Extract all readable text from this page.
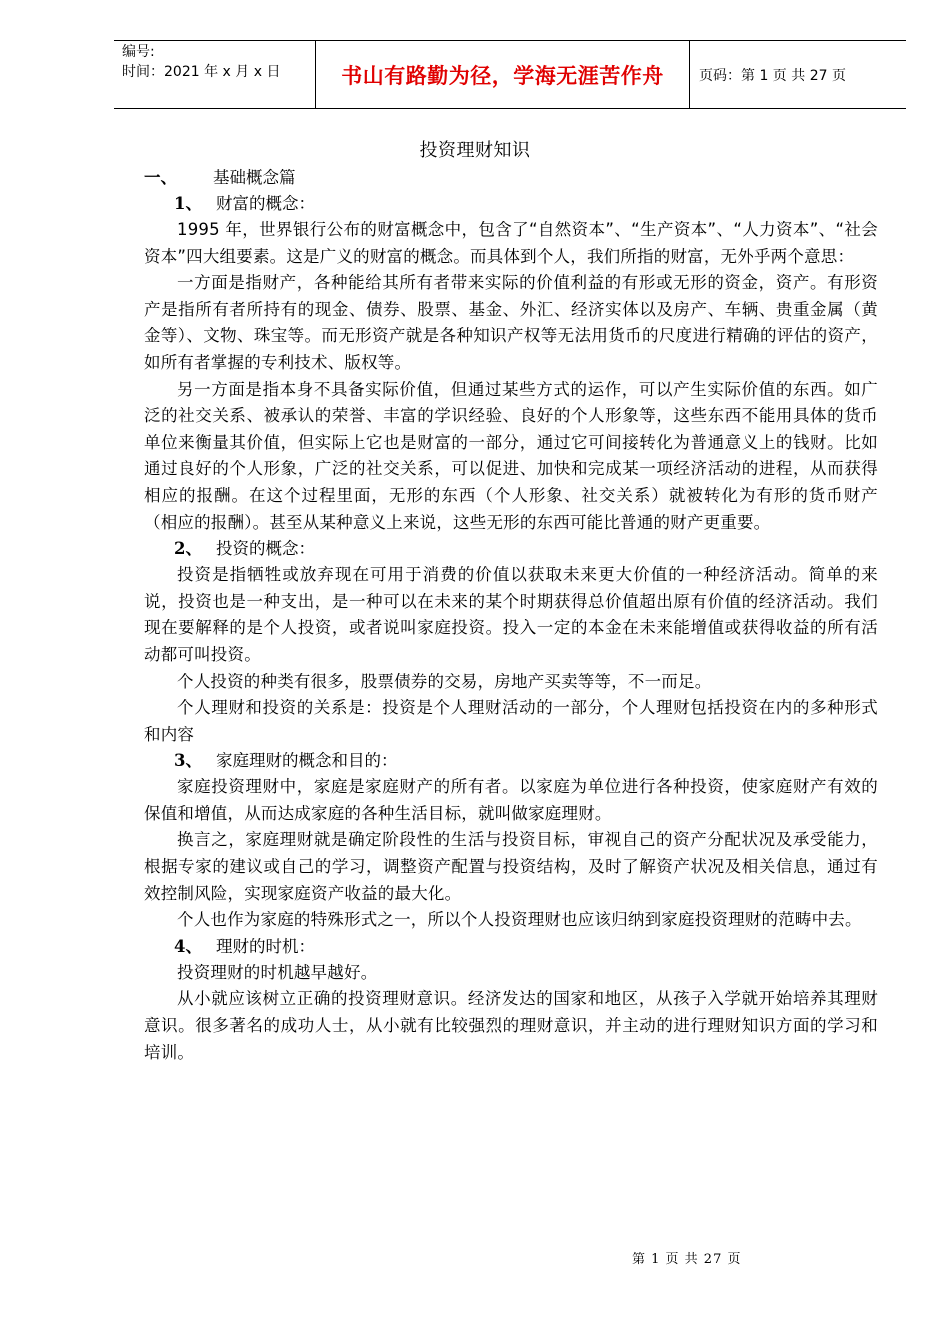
编号:
时间：2021 年 x 月 x 日	书山有路勤为径，学海无涯苦作舟	页码：第 1 页 共 27 页
投资理财知识
一、 基础概念篇
1、 财富的概念：

1995 年，世界银行公布的财富概念中，包含了“自然资本”、“生产资本”、“人力资本”、“社会资本”四大组要素。这是广义的财富的概念。而具体到个人，我们所指的财富，无外乎两个意思：

一方面是指财产，各种能给其所有者带来实际的价值利益的有形或无形的资金，资产。有形资产是指所有者所持有的现金、债券、股票、基金、外汇、经济实体以及房产、车辆、贵重金属（黄金等）、文物、珠宝等。而无形资产就是各种知识产权等无法用货币的尺度进行精确的评估的资产，如所有者掌握的专利技术、版权等。

另一方面是指本身不具备实际价值，但通过某些方式的运作，可以产生实际价值的东西。如广泛的社交关系、被承认的荣誉、丰富的学识经验、良好的个人形象等，这些东西不能用具体的货币单位来衡量其价值，但实际上它也是财富的一部分，通过它可间接转化为普通意义上的钱财。比如通过良好的个人形象，广泛的社交关系，可以促进、加快和完成某一项经济活动的进程，从而获得相应的报酬。在这个过程里面，无形的东西（个人形象、社交关系）就被转化为有形的货币财产（相应的报酬）。甚至从某种意义上来说，这些无形的东西可能比普通的财产更重要。

2、 投资的概念：

投资是指牺牲或放弃现在可用于消费的价值以获取未来更大价值的一种经济活动。简单的来说，投资也是一种支出，是一种可以在未来的某个时期获得总价值超出原有价值的经济活动。我们现在要解释的是个人投资，或者说叫家庭投资。投入一定的本金在未来能增值或获得收益的所有活动都可叫投资。

个人投资的种类有很多，股票债券的交易，房地产买卖等等，不一而足。

个人理财和投资的关系是：投资是个人理财活动的一部分，个人理财包括投资在内的多种形式和内容

3、 家庭理财的概念和目的：

家庭投资理财中，家庭是家庭财产的所有者。以家庭为单位进行各种投资，使家庭财产有效的保值和增值，从而达成家庭的各种生活目标，就叫做家庭理财。

换言之，家庭理财就是确定阶段性的生活与投资目标，审视自己的资产分配状况及承受能力，根据专家的建议或自己的学习，调整资产配置与投资结构，及时了解资产状况及相关信息，通过有效控制风险，实现家庭资产收益的最大化。

个人也作为家庭的特殊形式之一，所以个人投资理财也应该归纳到家庭投资理财的范畴中去。

4、 理财的时机：

投资理财的时机越早越好。

从小就应该树立正确的投资理财意识。经济发达的国家和地区，从孩子入学就开始培养其理财意识。很多著名的成功人士，从小就有比较强烈的理财意识，并主动的进行理财知识方面的学习和培训。

第 1 页 共 27 页
